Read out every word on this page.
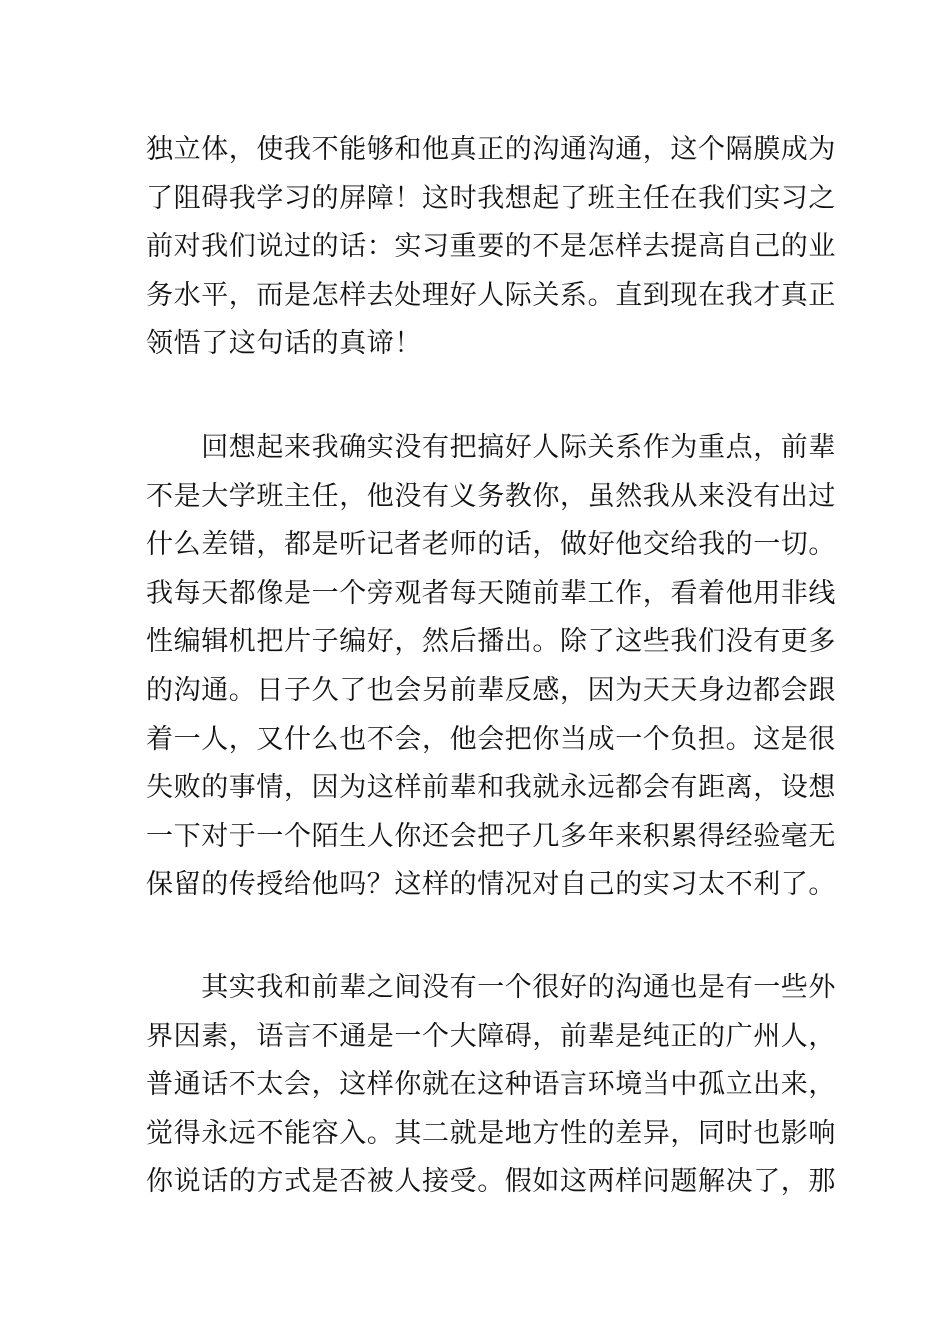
独立体，使我不能够和他真正的沟通沟通，这个隔膜成为
了阻碍我学习的屏障！这时我想起了班主任在我们实习之
前对我们说过的话：实习重要的不是怎样去提高自己的业
务水平，而是怎样去处理好人际关系。直到现在我才真正
领悟了这句话的真谛！
　　回想起来我确实没有把搞好人际关系作为重点，前辈
不是大学班主任，他没有义务教你，虽然我从来没有出过
什么差错，都是听记者老师的话，做好他交给我的一切。
我每天都像是一个旁观者每天随前辈工作，看着他用非线
性编辑机把片子编好，然后播出。除了这些我们没有更多
的沟通。日子久了也会另前辈反感，因为天天身边都会跟
着一人，又什么也不会，他会把你当成一个负担。这是很
失败的事情，因为这样前辈和我就永远都会有距离，设想
一下对于一个陌生人你还会把子几多年来积累得经验毫无
保留的传授给他吗？这样的情况对自己的实习太不利了。
　　其实我和前辈之间没有一个很好的沟通也是有一些外
界因素，语言不通是一个大障碍，前辈是纯正的广州人，
普通话不太会，这样你就在这种语言环境当中孤立出来，
觉得永远不能容入。其二就是地方性的差异，同时也影响
你说话的方式是否被人接受。假如这两样问题解决了，那
